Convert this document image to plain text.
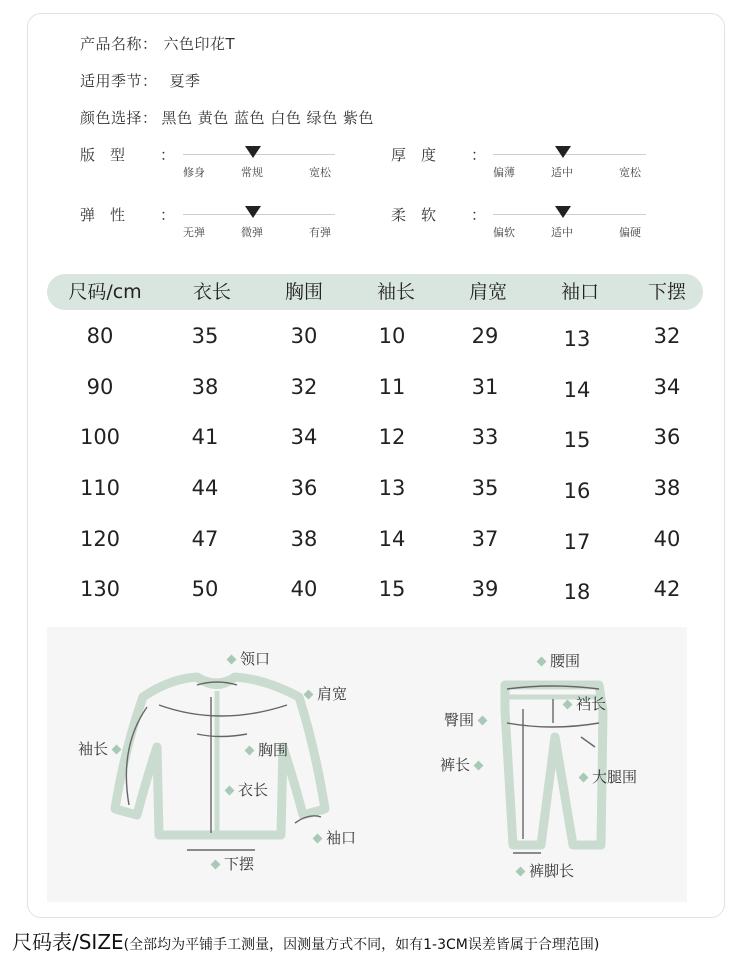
产品名称： 六色印花T
适用季节： 夏季
颜色选择： 黑色 黄色 蓝色 白色 绿色 紫色
版　型 ：
修身	常规	宽松
厚　度 ：
偏薄	适中	宽松
弹　性 ：
无弹	微弹	有弹
柔　软 ：
偏软	适中	偏硬
尺码/cm	衣长	胸围	袖长	肩宽	袖口	下摆
80	35	30	10	29	13	32
90	38	32	11	31	14	34
100	41	34	12	33	15	36
110	44	36	13	35	16	38
120	47	38	14	37	17	40
130	50	40	15	39	18	42
领口
肩宽
袖长	胸围
衣长
袖口
下摆
腰围
裆长
臀围
裤长
大腿围
裤脚长
尺码表/SIZE(全部均为平铺手工测量，因测量方式不同，如有1-3CM误差皆属于合理范围)
